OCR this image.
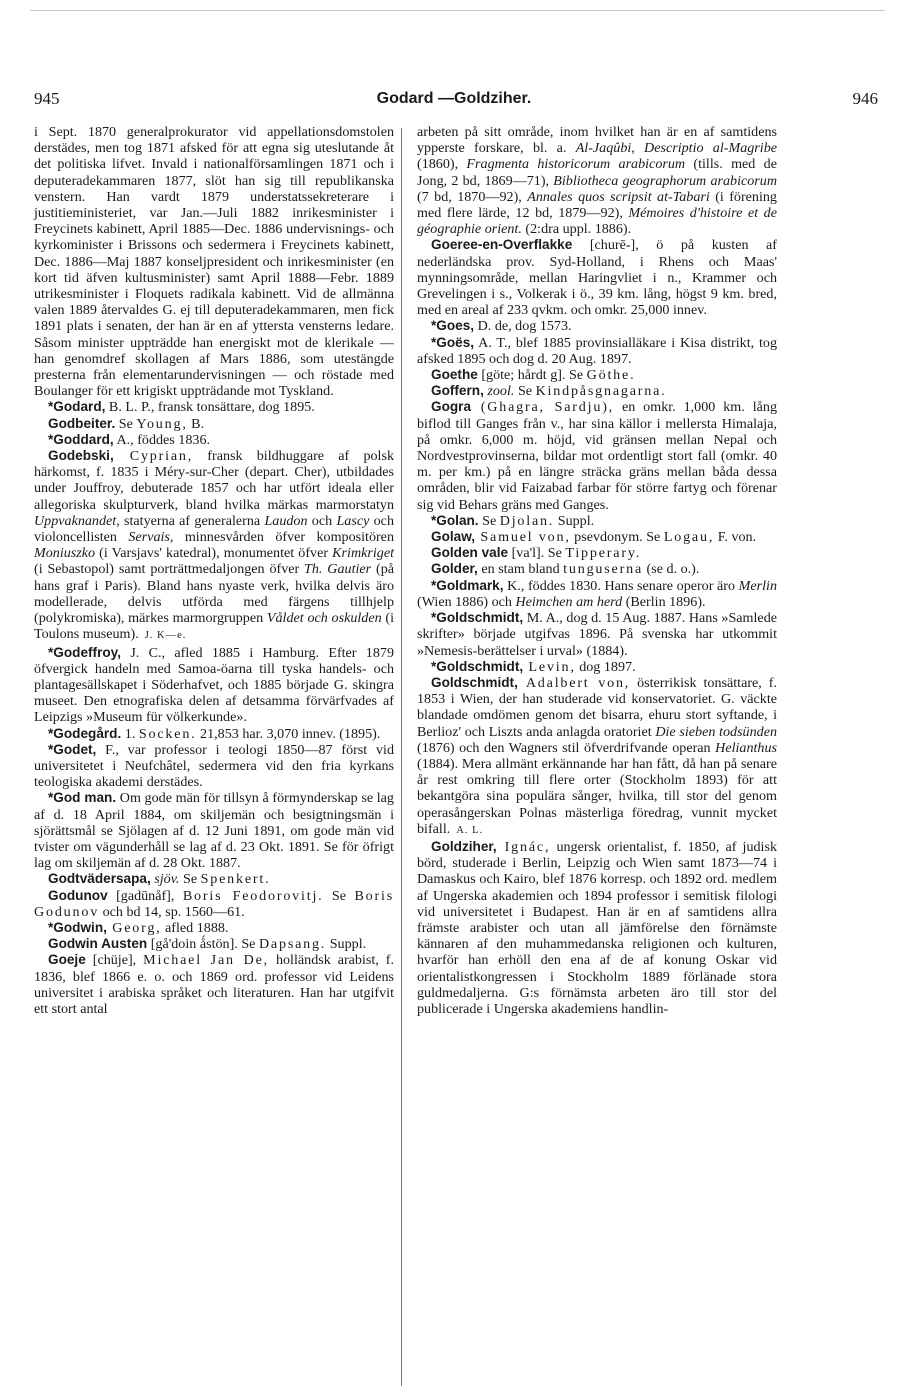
945	Godard —Goldziher.	946

i Sept. 1870 generalprokurator vid appellationsdomstolen derstädes, men tog 1871 afsked för att egna sig uteslutande åt det politiska lifvet. Invald i nationalförsamlingen 1871 och i deputeradekammaren 1877, slöt han sig till republikanska venstern. Han vardt 1879 understatssekreterare i justitieministeriet, var Jan.—Juli 1882 inrikesminister i Freycinets kabinett, April 1885—Dec. 1886 undervisnings- och kyrkominister i Brissons och sedermera i Freycinets kabinett, Dec. 1886—Maj 1887 konseljpresident och inrikesminister (en kort tid äfven kultusminister) samt April 1888—Febr. 1889 utrikesminister i Floquets radikala kabinett. Vid de allmänna valen 1889 återvaldes G. ej till deputeradekammaren, men fick 1891 plats i senaten, der han är en af yttersta vensterns ledare. Såsom minister uppträdde han energiskt mot de klerikale — han genomdref skollagen af Mars 1886, som utestängde presterna från elementarundervisningen — och röstade med Boulanger för ett krigiskt uppträdande mot Tyskland.

*Godard, B. L. P., fransk tonsättare, dog 1895.

Godbeiter. Se Young, B.

*Goddard, A., föddes 1836.

Godebski, Cyprian, fransk bildhuggare af polsk härkomst, f. 1835 i Méry-sur-Cher (depart. Cher), utbildades under Jouffroy, debuterade 1857 och har utfört ideala eller allegoriska skulpturverk, bland hvilka märkas marmorstatyn Uppvaknandet, statyerna af generalerna Laudon och Lascy och violoncellisten Servais, minnesvården öfver kompositören Moniuszko (i Varsjavs' katedral), monumentet öfver Krimkriget (i Sebastopol) samt porträttmedaljongen öfver Th. Gautier (på hans graf i Paris). Bland hans nyaste verk, hvilka delvis äro modellerade, delvis utförda med färgens tillhjelp (polykromiska), märkes marmorgruppen Våldet och oskulden (i Toulons museum). J. K—e.

*Godeffroy, J. C., afled 1885 i Hamburg. Efter 1879 öfvergick handeln med Samoa-öarna till tyska handels- och plantagesällskapet i Söderhafvet, och 1885 började G. skingra museet. Den etnografiska delen af detsamma förvärfvades af Leipzigs »Museum für völkerkunde».

*Godegård. 1. Socken. 21,853 har. 3,070 innev. (1895).

*Godet, F., var professor i teologi 1850—87 först vid universitetet i Neufchâtel, sedermera vid den fria kyrkans teologiska akademi derstädes.

*God man. Om gode män för tillsyn å förmynderskap se lag af d. 18 April 1884, om skiljemän och besigtningsmän i sjörättsmål se Sjölagen af d. 12 Juni 1891, om gode män vid tvister om vägunderhåll se lag af d. 23 Okt. 1891. Se för öfrigt lag om skiljemän af d. 28 Okt. 1887.

Godtvädersapa, sjöv. Se Spenkert.

Godunov [gadūnåf], Boris Feodorovitj. Se Boris Godunov och bd 14, sp. 1560—61.

*Godwin, Georg, afled 1888.

Godwin Austen [gå'doin ǻstön]. Se Dapsang. Suppl.

Goeje [chüje], Michael Jan De, holländsk arabist, f. 1836, blef 1866 e. o. och 1869 ord. professor vid Leidens universitet i arabiska språket och literaturen. Han har utgifvit ett stort antal

arbeten på sitt område, inom hvilket han är en af samtidens ypperste forskare, bl. a. Al-Jaqûbi, Descriptio al-Magribe (1860), Fragmenta historicorum arabicorum (tills. med de Jong, 2 bd, 1869—71), Bibliotheca geographorum arabicorum (7 bd, 1870—92), Annales quos scripsit at-Tabari (i förening med flere lärde, 12 bd, 1879—92), Mémoires d'histoire et de géographie orient. (2:dra uppl. 1886).

Goeree-en-Overflakke [churē-], ö på kusten af nederländska prov. Syd-Holland, i Rhens och Maas' mynningsområde, mellan Haringvliet i n., Krammer och Grevelingen i s., Volkerak i ö., 39 km. lång, högst 9 km. bred, med en areal af 233 qvkm. och omkr. 25,000 innev.

*Goes, D. de, dog 1573.

*Goës, A. T., blef 1885 provinsialläkare i Kisa distrikt, tog afsked 1895 och dog d. 20 Aug. 1897.

Goethe [göte; hårdt g]. Se Göthe.

Goffern, zool. Se Kindpåsgnagarna.

Gogra (Ghagra, Sardju), en omkr. 1,000 km. lång biflod till Ganges från v., har sina källor i mellersta Himalaja, på omkr. 6,000 m. höjd, vid gränsen mellan Nepal och Nordvestprovinserna, bildar mot ordentligt stort fall (omkr. 40 m. per km.) på en längre sträcka gräns mellan båda dessa områden, blir vid Faizabad farbar för större fartyg och förenar sig vid Behars gräns med Ganges.

*Golan. Se Djolan. Suppl.

Golaw, Samuel von, psevdonym. Se Logau, F. von.

Golden vale [va'l]. Se Tipperary.

Golder, en stam bland tunguserna (se d. o.).

*Goldmark, K., föddes 1830. Hans senare operor äro Merlin (Wien 1886) och Heimchen am herd (Berlin 1896).

*Goldschmidt, M. A., dog d. 15 Aug. 1887. Hans »Samlede skrifter» började utgifvas 1896. På svenska har utkommit »Nemesis-berättelser i urval» (1884).

*Goldschmidt, Levin, dog 1897.

Goldschmidt, Adalbert von, österrikisk tonsättare, f. 1853 i Wien, der han studerade vid konservatoriet. G. väckte blandade omdömen genom det bisarra, ehuru stort syftande, i Berlioz' och Liszts anda anlagda oratoriet Die sieben todsünden (1876) och den Wagners stil öfverdrifvande operan Helianthus (1884). Mera allmänt erkännande har han fått, då han på senare år rest omkring till flere orter (Stockholm 1893) för att bekantgöra sina populära sånger, hvilka, till stor del genom operasångerskan Polnas mästerliga föredrag, vunnit mycket bifall. A. L.

Goldziher, Ignác, ungersk orientalist, f. 1850, af judisk börd, studerade i Berlin, Leipzig och Wien samt 1873—74 i Damaskus och Kairo, blef 1876 korresp. och 1892 ord. medlem af Ungerska akademien och 1894 professor i semitisk filologi vid universitetet i Budapest. Han är en af samtidens allra främste arabister och utan all jämförelse den förnämste kännaren af den muhammedanska religionen och kulturen, hvarför han erhöll den ena af de af konung Oskar vid orientalistkongressen i Stockholm 1889 förlänade stora guldmedaljerna. G:s förnämsta arbeten äro till stor del publicerade i Ungerska akademiens handlin-
